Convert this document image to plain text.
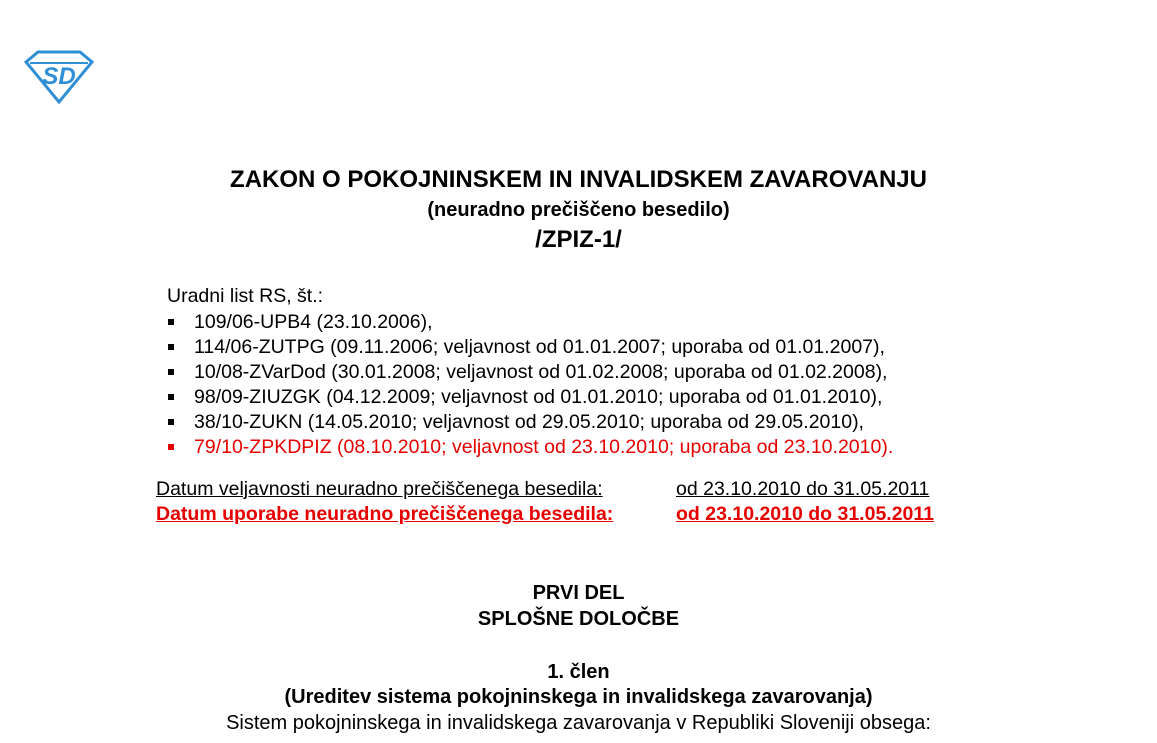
SD
ZAKON O POKOJNINSKEM IN INVALIDSKEM ZAVAROVANJU
(neuradno prečiščeno besedilo)
/ZPIZ-1/
Uradni list RS, št.:
109/06-UPB4 (23.10.2006),
114/06-ZUTPG (09.11.2006; veljavnost od 01.01.2007; uporaba od 01.01.2007),
10/08-ZVarDod (30.01.2008; veljavnost od 01.02.2008; uporaba od 01.02.2008),
98/09-ZIUZGK (04.12.2009; veljavnost od 01.01.2010; uporaba od 01.01.2010),
38/10-ZUKN (14.05.2010; veljavnost od 29.05.2010; uporaba od 29.05.2010),
79/10-ZPKDPIZ (08.10.2010; veljavnost od 23.10.2010; uporaba od 23.10.2010).
Datum veljavnosti neuradno prečiščenega besedila:	od 23.10.2010 do 31.05.2011
Datum uporabe neuradno prečiščenega besedila:	od 23.10.2010 do 31.05.2011
PRVI DEL
SPLOŠNE DOLOČBE
1. člen
(Ureditev sistema pokojninskega in invalidskega zavarovanja)
Sistem pokojninskega in invalidskega zavarovanja v Republiki Sloveniji obsega:
